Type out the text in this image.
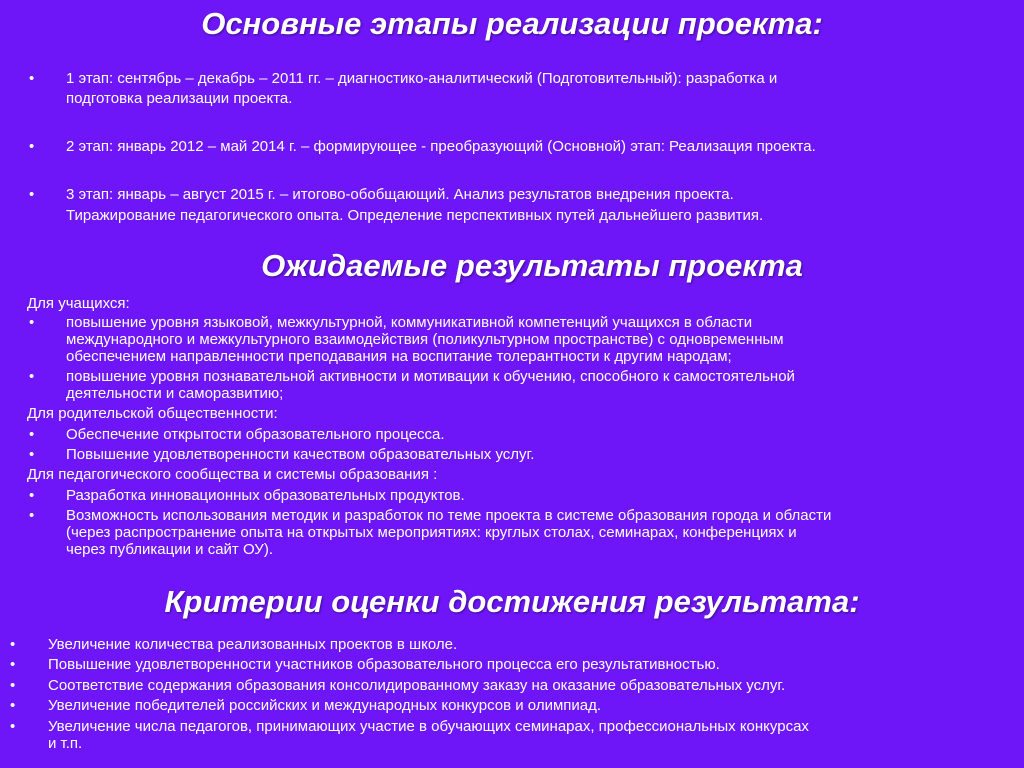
Основные этапы реализации проекта:
• 1 этап: сентябрь – декабрь – 2011 гг. – диагностико-аналитический (Подготовительный): разработка и
подготовка реализации проекта.
• 2 этап: январь 2012 – май 2014 г. – формирующее - преобразующий (Основной) этап: Реализация проекта.
• 3 этап: январь – август 2015 г. – итогово-обобщающий. Анализ результатов внедрения проекта.
Тиражирование педагогического опыта. Определение перспективных путей дальнейшего развития.
Ожидаемые результаты проекта
Для учащихся:
• повышение уровня языковой, межкультурной, коммуникативной компетенций учащихся в области
международного и межкультурного взаимодействия (поликультурном пространстве) с одновременным
обеспечением направленности преподавания на воспитание толерантности к другим народам;
• повышение уровня познавательной активности и мотивации к обучению, способного к самостоятельной
деятельности и саморазвитию;
Для родительской общественности:
• Обеспечение открытости образовательного процесса.
• Повышение удовлетворенности качеством образовательных услуг.
Для педагогического сообщества и системы образования :
• Разработка инновационных образовательных продуктов.
• Возможность использования методик и разработок по теме проекта в системе образования города и области
(через распространение опыта на открытых мероприятиях: круглых столах, семинарах, конференциях и
через публикации и сайт ОУ).
Критерии оценки достижения результата:
• Увеличение количества реализованных проектов в школе.
• Повышение удовлетворенности участников образовательного процесса его результативностью.
• Соответствие содержания образования консолидированному заказу на оказание образовательных услуг.
• Увеличение победителей российских и международных конкурсов и олимпиад.
• Увеличение числа педагогов, принимающих участие в обучающих семинарах, профессиональных конкурсах
и т.п.
